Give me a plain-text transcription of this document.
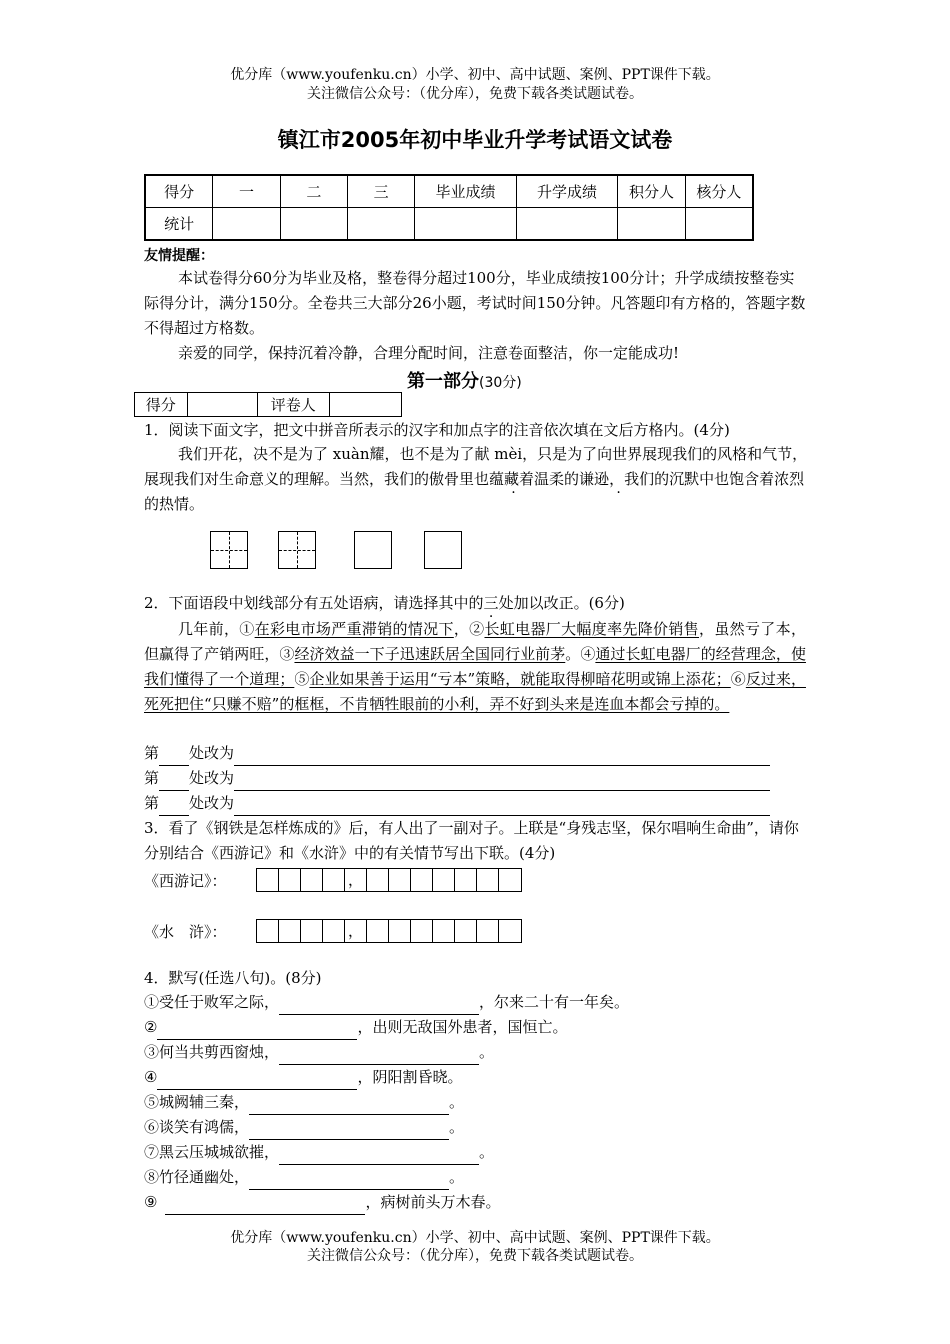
优分库（www.youfenku.cn）小学、初中、高中试题、案例、PPT课件下载。
关注微信公众号：（优分库），免费下载各类试题试卷。
镇江市2005年初中毕业升学考试语文试卷
得分	一	二	三	毕业成绩	升学成绩	积分人	核分人
统计							
友情提醒：
本试卷得分60分为毕业及格，整卷得分超过100分，毕业成绩按100分计；升学成绩按整卷实际得分计，满分150分。全卷共三大部分26小题，考试时间150分钟。凡答题印有方格的，答题字数不得超过方格数。
亲爱的同学，保持沉着冷静，合理分配时间，注意卷面整洁，你一定能成功!
第一部分(30分)
得分		评卷人	
1．阅读下面文字，把文中拼音所表示的汉字和加点字的注音依次填在文后方格内。(4分)
我们开花，决不是为了 xuàn耀，也不是为了献 mèi，只是为了向世界展现我们的风格和气节，展现我们对生命意义的理解。当然，我们的傲骨里也蕴藏着温柔的谦逊，我们的沉默中也饱含着浓烈的热情。
2．下面语段中划线部分有五处语病，请选择其中的三处加以改正。(6分)
几年前，①在彩电市场严重滞销的情况下，②长虹电器厂大幅度率先降价销售，虽然亏了本，但赢得了产销两旺，③经济效益一下子迅速跃居全国同行业前茅。④通过长虹电器厂的经营理念，使我们懂得了一个道理；⑤企业如果善于运用“亏本”策略，就能取得柳暗花明或锦上添花；⑥反过来，死死把住“只赚不赔”的框框，不肯牺牲眼前的小利，弄不好到头来是连血本都会亏掉的。
第 处改为
第 处改为
第 处改为
3．看了《钢铁是怎样炼成的》后，有人出了一副对子。上联是“身残志坚，保尔唱响生命曲”，请你分别结合《西游记》和《水浒》中的有关情节写出下联。(4分)
《西游记》：	，
《水　浒》：	，
4．默写(任选八句)。(8分)
①受任于败军之际，	，尔来二十有一年矣。
②	，出则无敌国外患者，国恒亡。
③何当共剪西窗烛，	。
④	，阴阳割昏晓。
⑤城阙辅三秦，	。
⑥谈笑有鸿儒，	。
⑦黑云压城城欲摧，	。
⑧竹径通幽处，	。
⑨	，病树前头万木春。
优分库（www.youfenku.cn）小学、初中、高中试题、案例、PPT课件下载。
关注微信公众号：（优分库），免费下载各类试题试卷。
